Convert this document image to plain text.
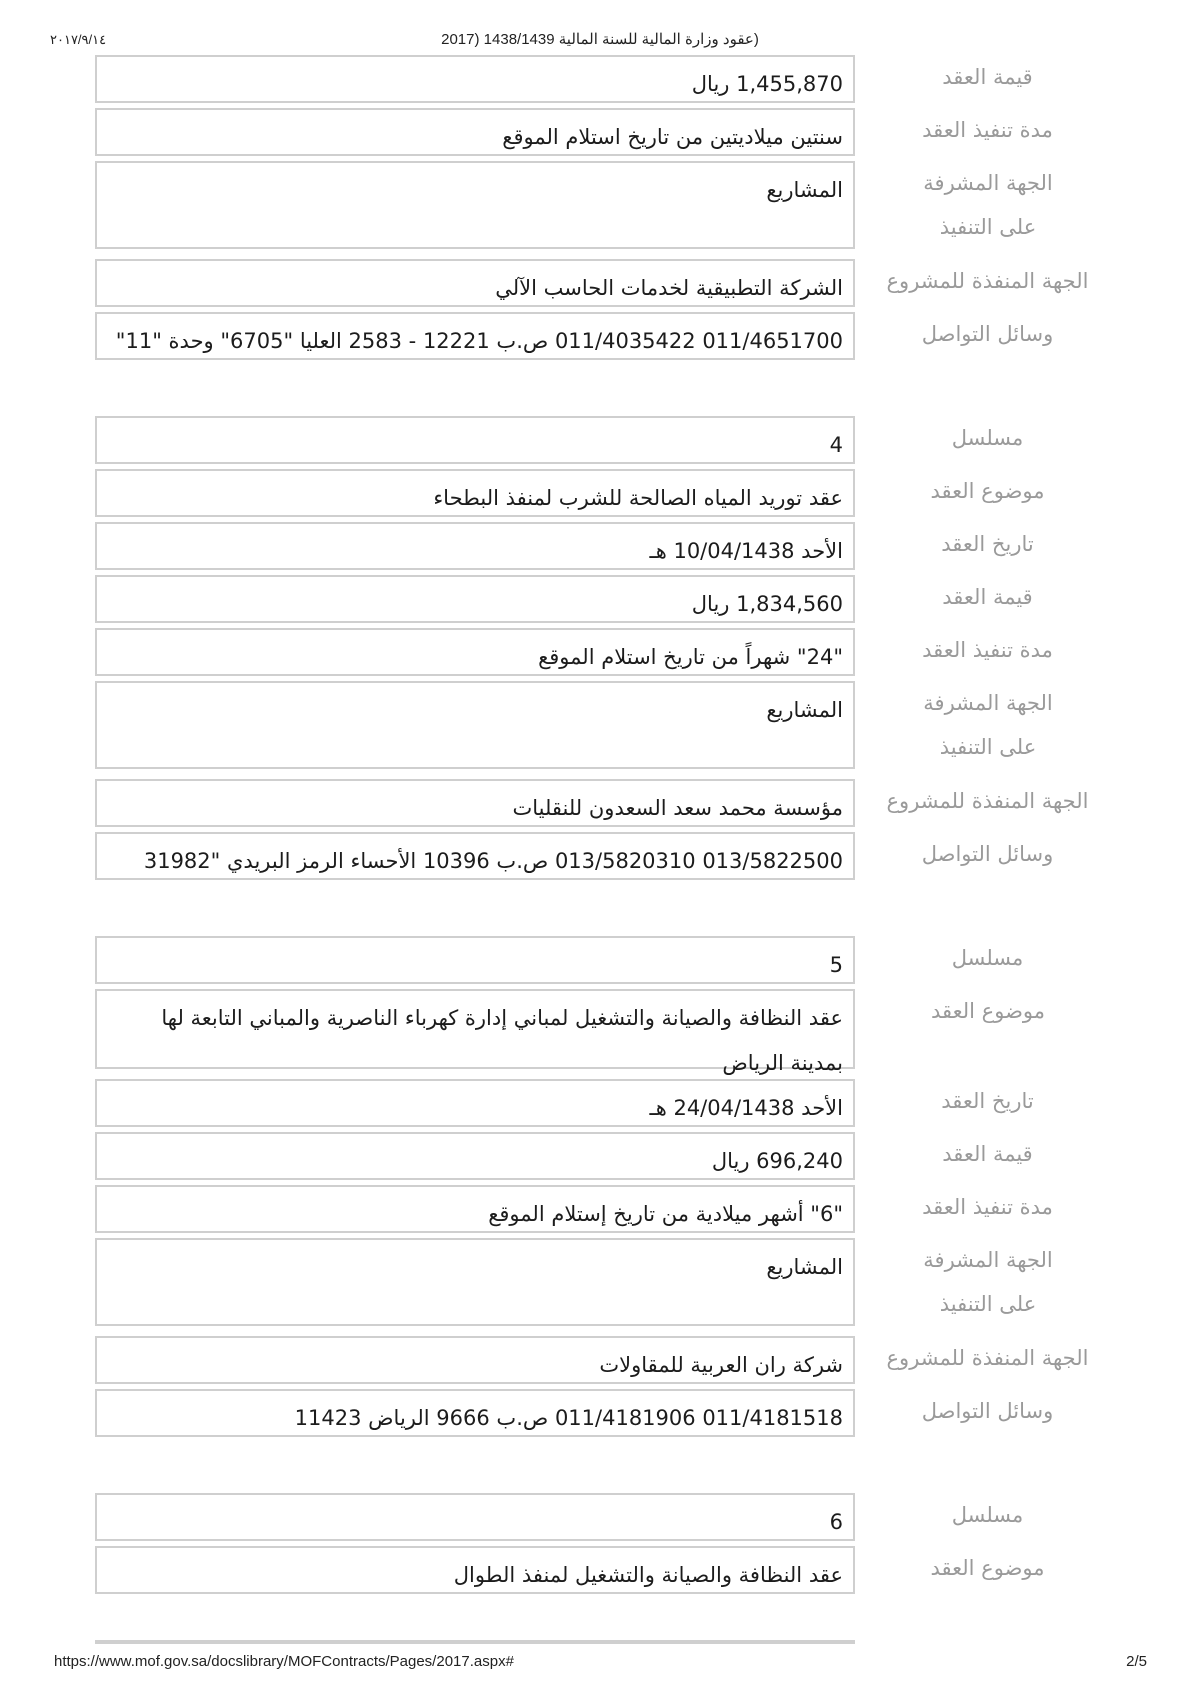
٢٠١٧/٩/١٤	(عقود وزارة المالية للسنة المالية 1438/1439 (2017
قيمة العقد
1,455,870 ريال
مدة تنفيذ العقد
سنتين ميلاديتين من تاريخ استلام الموقع
الجهة المشرفة على التنفيذ
المشاريع
الجهة المنفذة للمشروع
الشركة التطبيقية لخدمات الحاسب الآلي
وسائل التواصل
011/4651700 011/4035422 ص.ب 12221 - 2583 العليا "6705" وحدة "11"
مسلسل
4
موضوع العقد
عقد توريد المياه الصالحة للشرب لمنفذ البطحاء
تاريخ العقد
الأحد 10/04/1438 هـ
قيمة العقد
1,834,560 ريال
مدة تنفيذ العقد
"24" شهراً من تاريخ استلام الموقع
الجهة المشرفة على التنفيذ
المشاريع
الجهة المنفذة للمشروع
مؤسسة محمد سعد السعدون للنقليات
وسائل التواصل
013/5822500 013/5820310 ص.ب 10396 الأحساء الرمز البريدي "31982
مسلسل
5
موضوع العقد
عقد النظافة والصيانة والتشغيل لمباني إدارة كهرباء الناصرية والمباني التابعة لها بمدينة الرياض
تاريخ العقد
الأحد 24/04/1438 هـ
قيمة العقد
696,240 ريال
مدة تنفيذ العقد
"6" أشهر ميلادية من تاريخ إستلام الموقع
الجهة المشرفة على التنفيذ
المشاريع
الجهة المنفذة للمشروع
شركة ران العربية للمقاولات
وسائل التواصل
011/4181518 011/4181906 ص.ب 9666 الرياض 11423
مسلسل
6
موضوع العقد
عقد النظافة والصيانة والتشغيل لمنفذ الطوال
https://www.mof.gov.sa/docslibrary/MOFContracts/Pages/2017.aspx#	2/5
